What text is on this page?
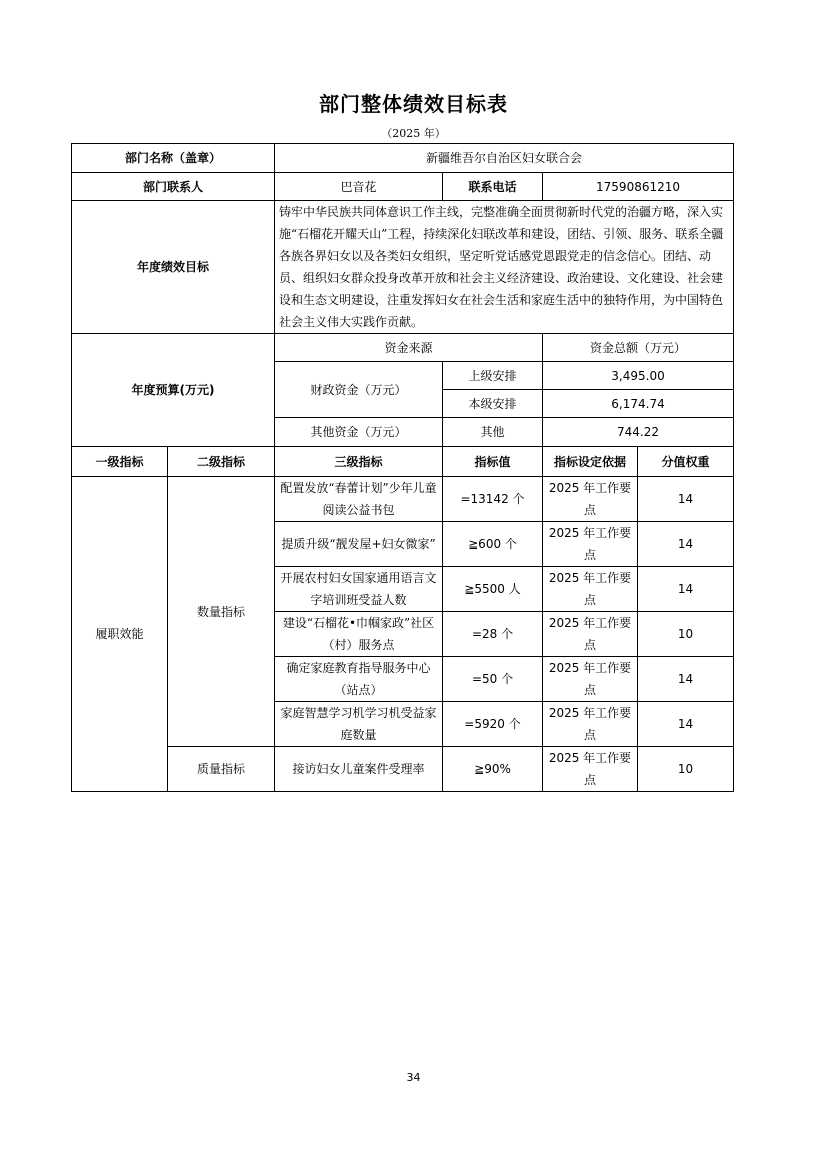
部门整体绩效目标表
（2025 年）
部门名称（盖章）		新疆维吾尔自治区妇女联合会			
部门联系人		巴音花	联系电话	17590861210	
年度绩效目标		铸牢中华民族共同体意识工作主线，完整准确全面贯彻新时代党的治疆方略，深入实施“石榴花开耀天山”工程，持续深化妇联改革和建设，团结、引领、服务、联系全疆各族各界妇女以及各类妇女组织，坚定听党话感党恩跟党走的信念信心。团结、动员、组织妇女群众投身改革开放和社会主义经济建设、政治建设、文化建设、社会建设和生态文明建设，注重发挥妇女在社会生活和家庭生活中的独特作用，为中国特色社会主义伟大实践作贡献。			
年度预算(万元)		资金来源		资金总额（万元）	
		财政资金（万元）	上级安排	3,495.00	
			本级安排	6,174.74	
		其他资金（万元）	其他	744.22	
一级指标	二级指标	三级指标	指标值	指标设定依据	分值权重
履职效能	数量指标	配置发放“春蕾计划”少年儿童阅读公益书包	=13142 个	2025 年工作要点	14
		提质升级“靓发屋+妇女微家”	≧600 个	2025 年工作要点	14
		开展农村妇女国家通用语言文字培训班受益人数	≧5500 人	2025 年工作要点	14
		建设“石榴花•巾帼家政”社区（村）服务点	=28 个	2025 年工作要点	10
		确定家庭教育指导服务中心（站点）	=50 个	2025 年工作要点	14
		家庭智慧学习机学习机受益家庭数量	=5920 个	2025 年工作要点	14
	质量指标	接访妇女儿童案件受理率	≧90%	2025 年工作要点	10
34
